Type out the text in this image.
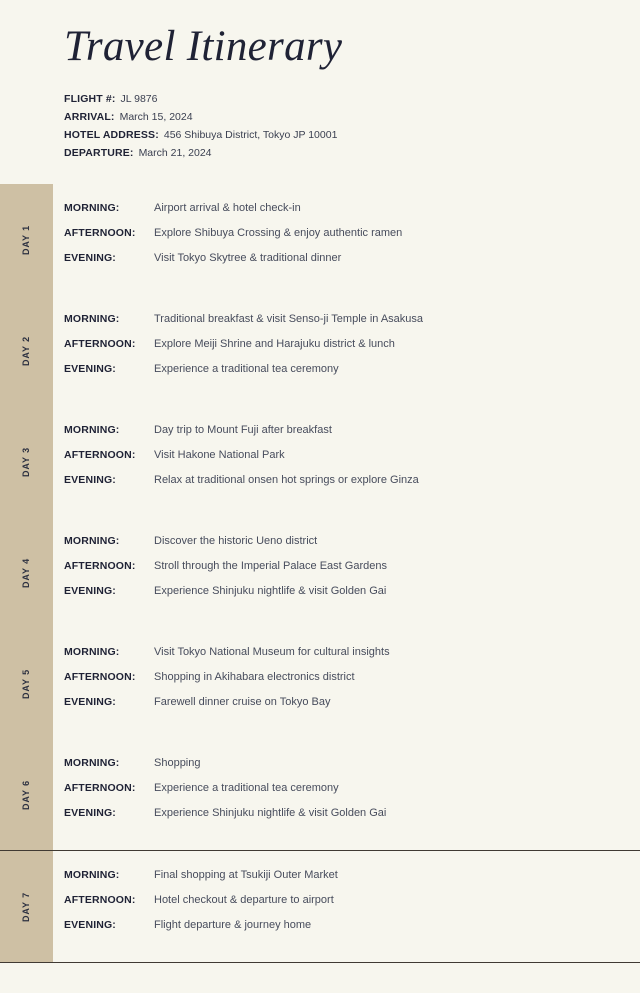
Travel Itinerary
FLIGHT #: JL 9876
ARRIVAL: March 15, 2024
HOTEL ADDRESS: 456 Shibuya District, Tokyo JP 10001
DEPARTURE: March 21, 2024
DAY 1
MORNING:	Airport arrival & hotel check-in
AFTERNOON:	Explore Shibuya Crossing & enjoy authentic ramen
EVENING:	Visit Tokyo Skytree & traditional dinner
DAY 2
MORNING:	Traditional breakfast & visit Senso-ji Temple in Asakusa
AFTERNOON:	Explore Meiji Shrine and Harajuku district & lunch
EVENING:	Experience a traditional tea ceremony
DAY 3
MORNING:	Day trip to Mount Fuji after breakfast
AFTERNOON:	Visit Hakone National Park
EVENING:	Relax at traditional onsen hot springs or explore Ginza
DAY 4
MORNING:	Discover the historic Ueno district
AFTERNOON:	Stroll through the Imperial Palace East Gardens
EVENING:	Experience Shinjuku nightlife & visit Golden Gai
DAY 5
MORNING:	Visit Tokyo National Museum for cultural insights
AFTERNOON:	Shopping in Akihabara electronics district
EVENING:	Farewell dinner cruise on Tokyo Bay
DAY 6
MORNING:	Shopping
AFTERNOON:	Experience a traditional tea ceremony
EVENING:	Experience Shinjuku nightlife & visit Golden Gai
DAY 7
MORNING:	Final shopping at Tsukiji Outer Market
AFTERNOON:	Hotel checkout & departure to airport
EVENING:	Flight departure & journey home
